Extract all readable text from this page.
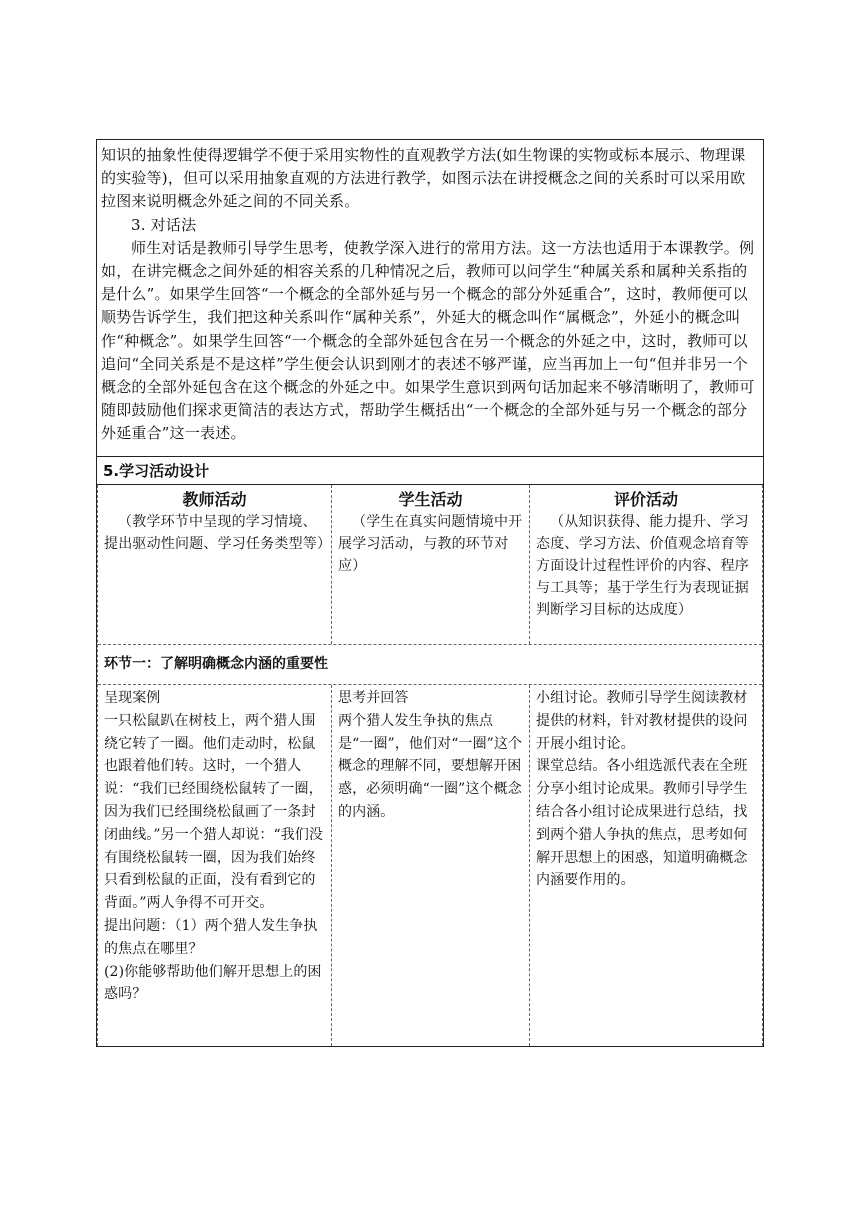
知识的抽象性使得逻辑学不便于采用实物性的直观教学方法(如生物课的实物或标本展示、物理课的实验等)，但可以采用抽象直观的方法进行教学，如图示法在讲授概念之间的关系时可以采用欧拉图来说明概念外延之间的不同关系。

3. 对话法

师生对话是教师引导学生思考，使教学深入进行的常用方法。这一方法也适用于本课教学。例如，在讲完概念之间外延的相容关系的几种情况之后，教师可以问学生“种属关系和属种关系指的是什么”。如果学生回答“一个概念的全部外延与另一个概念的部分外延重合”，这时，教师便可以顺势告诉学生，我们把这种关系叫作“属种关系”，外延大的概念叫作“属概念”，外延小的概念叫作“种概念”。如果学生回答“一个概念的全部外延包含在另一个概念的外延之中，这时，教师可以追问“全同关系是不是这样”学生便会认识到刚才的表述不够严谨，应当再加上一句“但并非另一个概念的全部外延包含在这个概念的外延之中。如果学生意识到两句话加起来不够清晰明了，教师可随即鼓励他们探求更简洁的表达方式，帮助学生概括出“一个概念的全部外延与另一个概念的部分外延重合”这一表述。

5.学习活动设计
教师活动
（教学环节中呈现的学习情境、提出驱动性问题、学习任务类型等）
学生活动
（学生在真实问题情境中开展学习活动，与教的环节对应）
评价活动
（从知识获得、能力提升、学习态度、学习方法、价值观念培育等方面设计过程性评价的内容、程序与工具等；基于学生行为表现证据判断学习目标的达成度）
环节一：了解明确概念内涵的重要性

呈现案例

一只松鼠趴在树枝上，两个猎人围绕它转了一圈。他们走动时，松鼠也跟着他们转。这时，一个猎人说：“我们已经围绕松鼠转了一圈，因为我们已经围绕松鼠画了一条封闭曲线。”另一个猎人却说：“我们没有围绕松鼠转一圈，因为我们始终只看到松鼠的正面，没有看到它的背面。”两人争得不可开交。

提出问题：（1）两个猎人发生争执的焦点在哪里？

(2)你能够帮助他们解开思想上的困惑吗？

思考并回答

两个猎人发生争执的焦点是“一圈”，他们对“一圈”这个概念的理解不同，要想解开困惑，必须明确“一圈”这个概念的内涵。

小组讨论。教师引导学生阅读教材提供的材料，针对教材提供的设问开展小组讨论。

课堂总结。各小组选派代表在全班分享小组讨论成果。教师引导学生结合各小组讨论成果进行总结，找到两个猎人争执的焦点，思考如何解开思想上的困惑，知道明确概念内涵要作用的。
